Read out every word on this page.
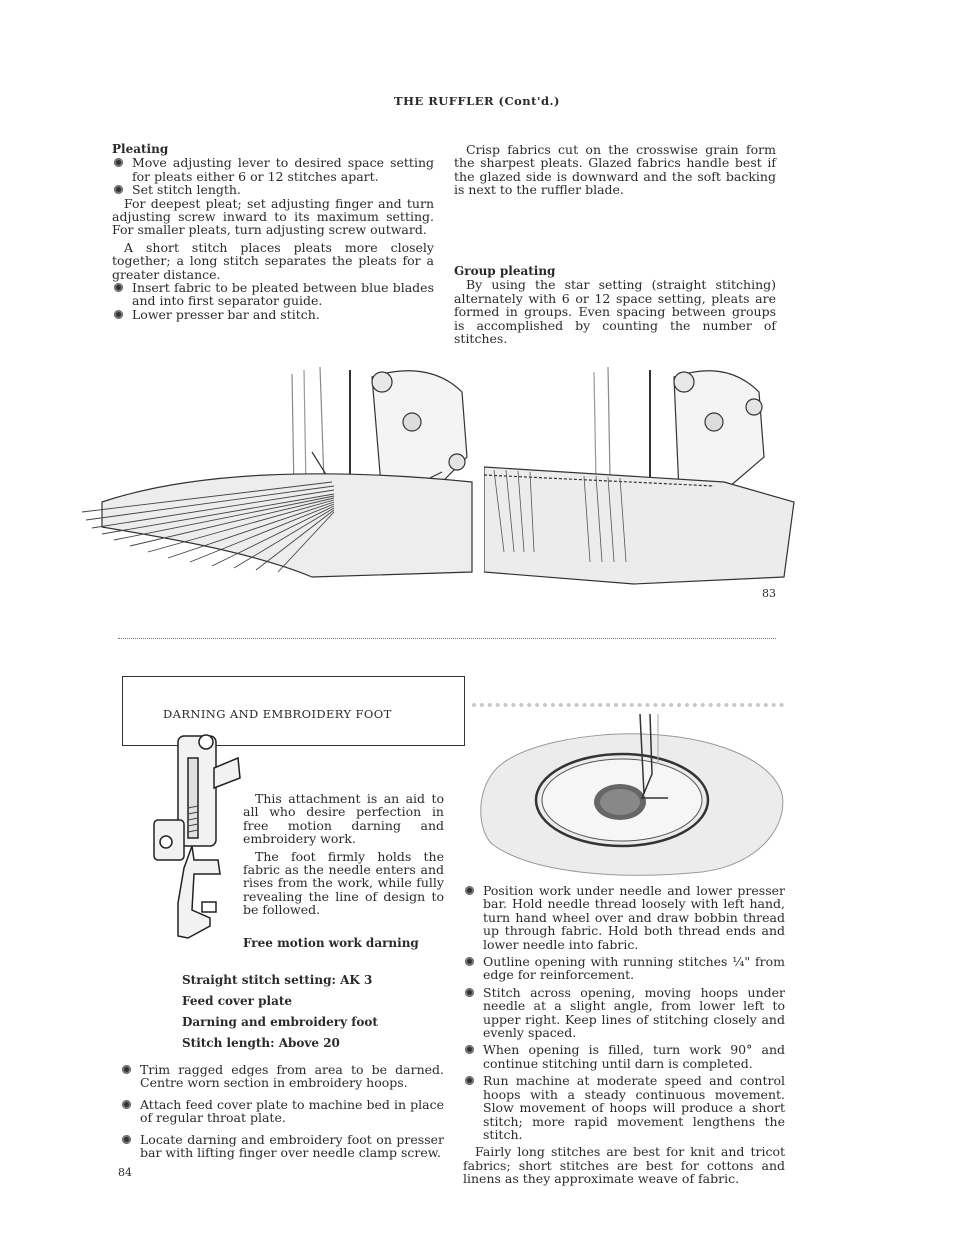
THE RUFFLER (Cont'd.)
Pleating

Move adjusting lever to desired space setting for pleats either 6 or 12 stitches apart.

Set stitch length.

For deepest pleat; set adjusting finger and turn adjusting screw inward to its maximum setting. For smaller pleats, turn adjusting screw outward.

A short stitch places pleats more closely together; a long stitch separates the pleats for a greater distance.

Insert fabric to be pleated between blue blades and into first separator guide.

Lower presser bar and stitch.

Crisp fabrics cut on the crosswise grain form the sharpest pleats. Glazed fabrics handle best if the glazed side is downward and the soft backing is next to the ruffler blade.

Group pleating

By using the star setting (straight stitching) alternately with 6 or 12 space setting, pleats are formed in groups. Even spacing between groups is accomplished by counting the number of stitches.

83
DARNING AND EMBROIDERY FOOT

This attachment is an aid to all who desire perfection in free motion darning and embroidery work.

The foot firmly holds the fabric as the needle enters and rises from the work, while fully revealing the line of design to be followed.

Free motion work darning
Straight stitch setting: AK 3
Feed cover plate
Darning and embroidery foot
Stitch length: Above 20

Trim ragged edges from area to be darned. Centre worn section in embroidery hoops.

Attach feed cover plate to machine bed in place of regular throat plate.

Locate darning and embroidery foot on presser bar with lifting finger over needle clamp screw.

84

Position work under needle and lower presser bar. Hold needle thread loosely with left hand, turn hand wheel over and draw bobbin thread up through fabric. Hold both thread ends and lower needle into fabric.

Outline opening with running stitches ¼" from edge for reinforcement.

Stitch across opening, moving hoops under needle at a slight angle, from lower left to upper right. Keep lines of stitching closely and evenly spaced.

When opening is filled, turn work 90° and continue stitching until darn is completed.

Run machine at moderate speed and control hoops with a steady continuous movement. Slow movement of hoops will produce a short stitch; more rapid movement lengthens the stitch.

Fairly long stitches are best for knit and tricot fabrics; short stitches are best for cottons and linens as they approximate weave of fabric.
